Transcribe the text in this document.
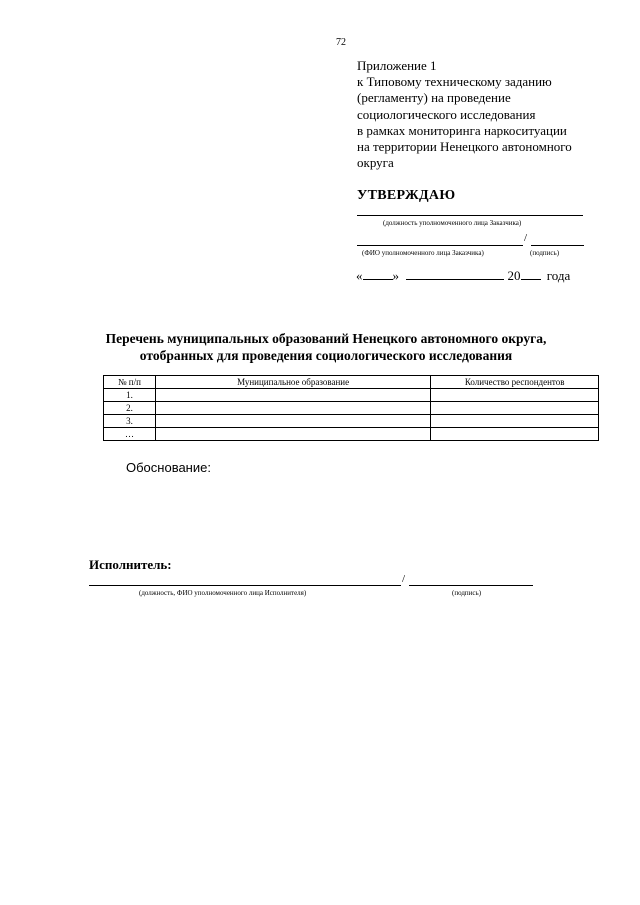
72
Приложение 1
к Типовому техническому заданию
(регламенту) на проведение
социологического исследования
в рамках мониторинга наркоситуации
на территории Ненецкого автономного
округа
УТВЕРЖДАЮ
(должность уполномоченного лица Заказчика)
/
(ФИО уполномоченного лица Заказчика)	(подпись)
« »	20 года
Перечень муниципальных образований Ненецкого автономного округа,
отобранных для проведения социологического исследования
№ п/п	Муниципальное образование	Количество респондентов
1.		
2.		
3.		
…		
Обоснование:
Исполнитель:
/
(должность, ФИО уполномоченного лица Исполнителя)	(подпись)
